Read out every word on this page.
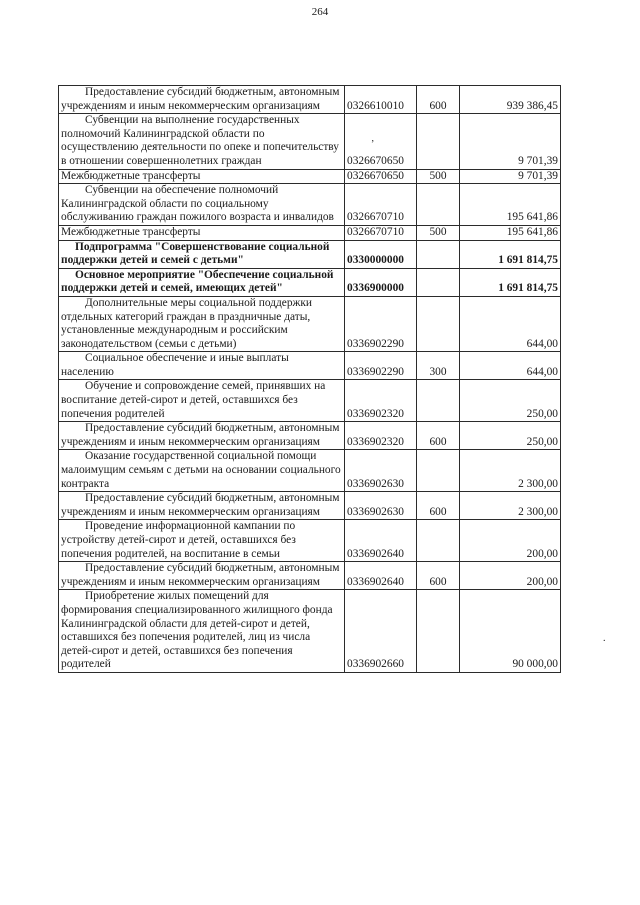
264
ʼ
.
Предоставление субсидий бюджетным, автономным учреждениям и иным некоммерческим организациям	0326610010	600	939 386,45
Субвенции на выполнение государственных полномочий Калининградской области по осуществлению деятельности по опеке и попечительству в отношении совершеннолетних граждан	0326670650		9 701,39
Межбюджетные трансферты	0326670650	500	9 701,39
Субвенции на обеспечение полномочий Калининградской области по социальному обслуживанию граждан пожилого возраста и инвалидов	0326670710		195 641,86
Межбюджетные трансферты	0326670710	500	195 641,86
Подпрограмма "Совершенствование социальной поддержки детей и семей с детьми"	0330000000		1 691 814,75
Основное мероприятие "Обеспечение социальной поддержки детей и семей, имеющих детей"	0336900000		1 691 814,75
Дополнительные меры социальной поддержки отдельных категорий граждан в праздничные даты, установленные международным и российским законодательством (семьи с детьми)	0336902290		644,00
Социальное обеспечение и иные выплаты населению	0336902290	300	644,00
Обучение и сопровождение семей, принявших на воспитание детей-сирот и детей, оставшихся без попечения родителей	0336902320		250,00
Предоставление субсидий бюджетным, автономным учреждениям и иным некоммерческим организациям	0336902320	600	250,00
Оказание государственной социальной помощи малоимущим семьям с детьми на основании социального контракта	0336902630		2 300,00
Предоставление субсидий бюджетным, автономным учреждениям и иным некоммерческим организациям	0336902630	600	2 300,00
Проведение информационной кампании по устройству детей-сирот и детей, оставшихся без попечения родителей, на воспитание в семьи	0336902640		200,00
Предоставление субсидий бюджетным, автономным учреждениям и иным некоммерческим организациям	0336902640	600	200,00
Приобретение жилых помещений для формирования специализированного жилищного фонда Калининградской области для детей-сирот и детей, оставшихся без попечения родителей, лиц из числа детей-сирот и детей, оставшихся без попечения родителей	0336902660		90 000,00
